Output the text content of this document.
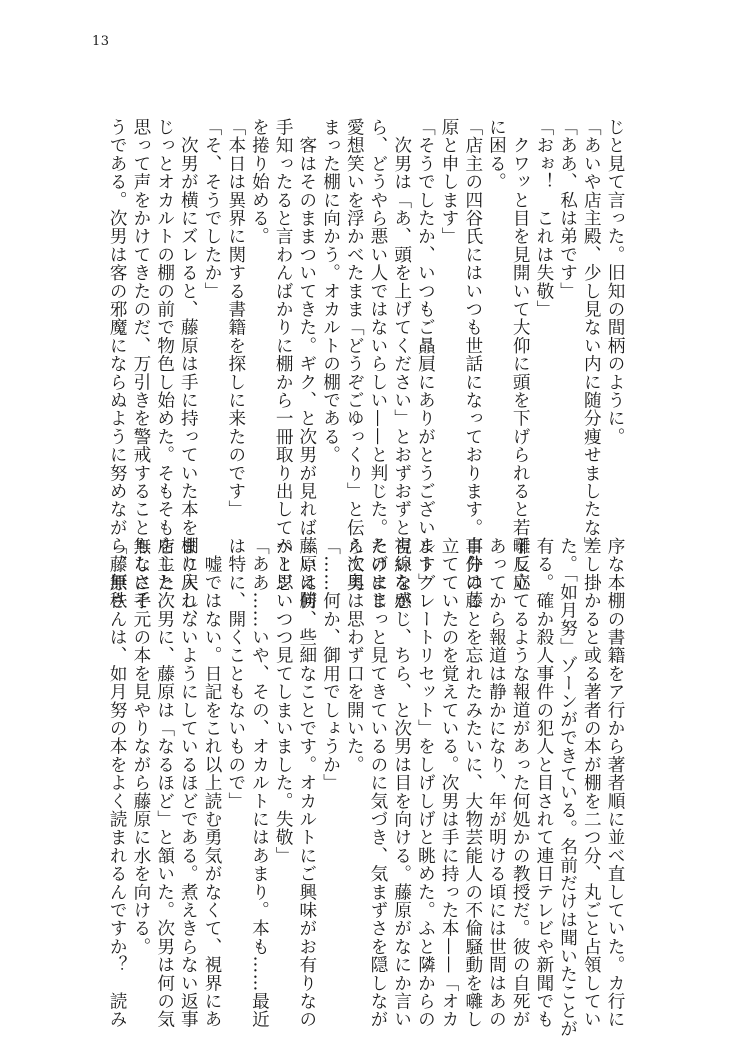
13
じと見て言った。旧知の間柄のように。
「あいや店主殿、少し見ない内に随分痩せましたな」
「ああ、私は弟です」
「おぉ！　これは失敬」
　クワッと目を見開いて大仰に頭を下げられると若干反応
に困る。
「店主の四谷氏にはいつも世話になっております。自分は藤
原と申します」
「そうでしたか、いつもご贔屓にありがとうございます」
　次男は「あ、頭を上げてください」とおずおずと言いなが
ら、どうやら悪い人ではないらしい——と判じた。そのまま
愛想笑いを浮かべたまま「どうぞごゆっくり」と伝えて奥
まった棚に向かう。オカルトの棚である。
　客はそのままついてきた。ギク、と次男が見れば藤原は勝
手知ったると言わんばかりに棚から一冊取り出してページ
を捲り始める。
「本日は異界に関する書籍を探しに来たのです」
「そ、そうでしたか」
　次男が横にズレると、藤原は手に持っていた本を棚に戻し、
じっとオカルトの棚の前で物色し始めた。そもそも店主と
思って声をかけてきたのだ、万引きを警戒することもなさそ
うである。次男は客の邪魔にならぬように努めながら、無秩
序な本棚の書籍をア行から著者順に並べ直していた。カ行に
差し掛かると或る著者の本が棚を二つ分、丸ごと占領してい
た。「如月努」ゾーンができている。名前だけは聞いたことが
有る。確か殺人事件の犯人と目されて連日テレビや新聞でも
囃し立てるような報道があった何処かの教授だ。彼の自死が
あってから報道は静かになり、年が明ける頃には世間はあの
事件のことを忘れたみたいに、大物芸能人の不倫騒動を囃し
立てていたのを覚えている。次男は手に持った本——「オカ
ルトグレートリセット」をしげしげと眺めた。ふと隣からの
視線を感じ、ちら、と次男は目を向ける。藤原がなにか言い
たげにじっと見てきているのに気づき、気まずさを隠しなが
ら次男は思わず口を開いた。
「……何か、御用でしょうか」
「いえ何、些細なことです。オカルトにご興味がお有りなの
かと思いつつ見てしまいました。失敬」
「ああ……いや、その、オカルトにはあまり。本も……最近
は特に、開くこともないもので」
　嘘ではない。日記をこれ以上読む勇気がなくて、視界にあ
まり入れないようにしているほどである。煮えきらない返事
をした次男に、藤原は「なるほど」と頷いた。次男は何の気
無しに手元の本を見やりながら藤原に水を向ける。
「藤原さんは、如月努の本をよく読まれるんですか？　読み
